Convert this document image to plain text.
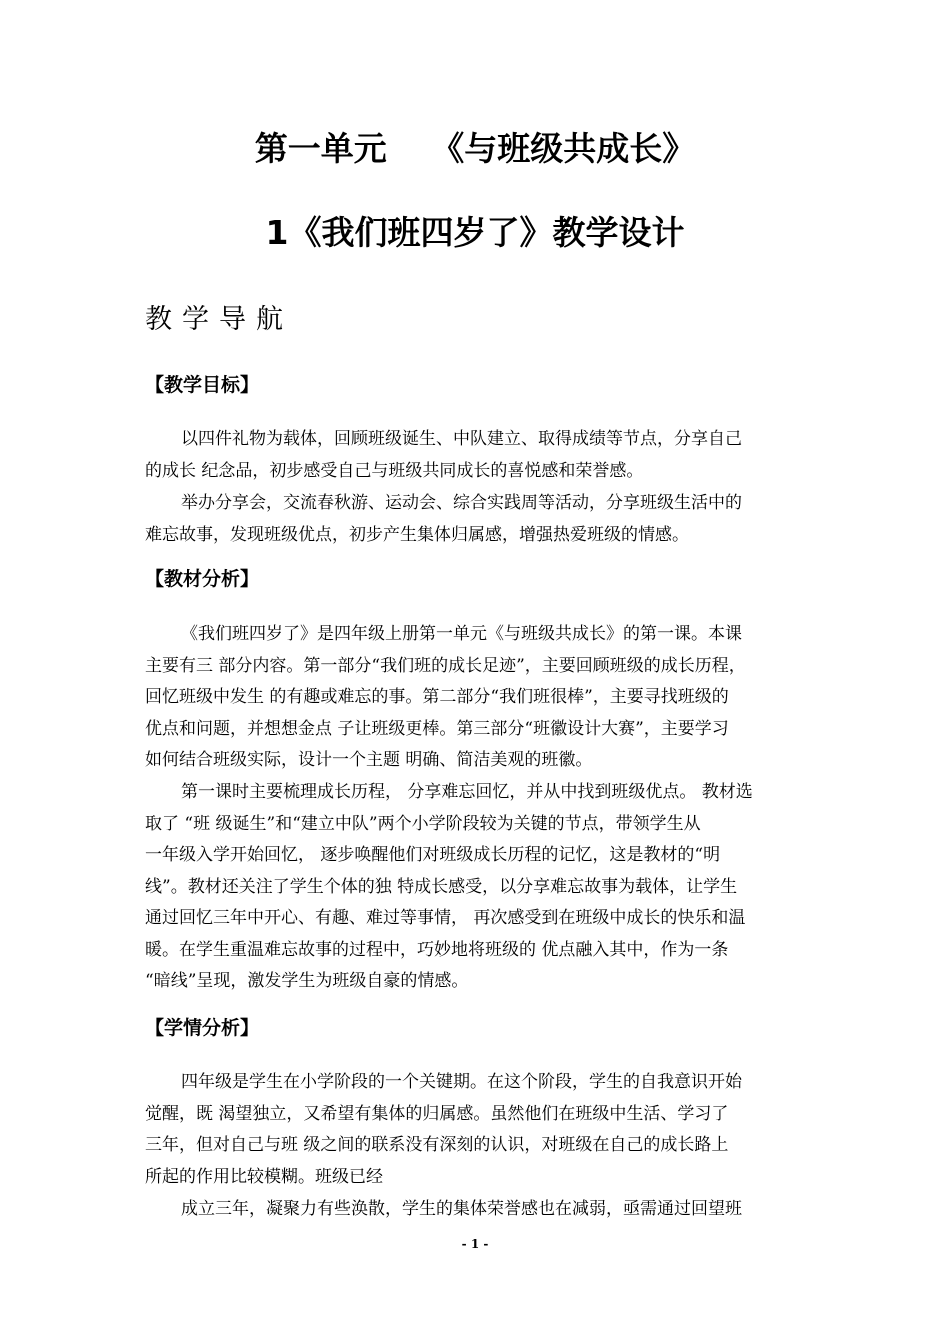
第一单元　 《与班级共成长》
1《我们班四岁了》教学设计
教学导航
【教学目标】
以四件礼物为载体，回顾班级诞生、中队建立、取得成绩等节点，分享自己
的成长 纪念品，初步感受自己与班级共同成长的喜悦感和荣誉感。
举办分享会，交流春秋游、运动会、综合实践周等活动，分享班级生活中的
难忘故事，发现班级优点，初步产生集体归属感，增强热爱班级的情感。
【教材分析】
《我们班四岁了》是四年级上册第一单元《与班级共成长》的第一课。本课
主要有三 部分内容。第一部分“我们班的成长足迹”，主要回顾班级的成长历程，
回忆班级中发生 的有趣或难忘的事。第二部分“我们班很棒”，主要寻找班级的
优点和问题，并想想金点 子让班级更棒。第三部分“班徽设计大赛”，主要学习
如何结合班级实际，设计一个主题 明确、简洁美观的班徽。
第一课时主要梳理成长历程， 分享难忘回忆，并从中找到班级优点。 教材选
取了 “班 级诞生”和“建立中队”两个小学阶段较为关键的节点，带领学生从
一年级入学开始回忆， 逐步唤醒他们对班级成长历程的记忆，这是教材的“明
线”。教材还关注了学生个体的独 特成长感受，以分享难忘故事为载体，让学生
通过回忆三年中开心、有趣、难过等事情， 再次感受到在班级中成长的快乐和温
暖。在学生重温难忘故事的过程中，巧妙地将班级的 优点融入其中，作为一条
“暗线”呈现，激发学生为班级自豪的情感。
【学情分析】
四年级是学生在小学阶段的一个关键期。在这个阶段，学生的自我意识开始
觉醒，既 渴望独立，又希望有集体的归属感。虽然他们在班级中生活、学习了
三年，但对自己与班 级之间的联系没有深刻的认识，对班级在自己的成长路上
所起的作用比较模糊。班级已经
成立三年，凝聚力有些涣散，学生的集体荣誉感也在减弱，亟需通过回望班
- 1 -
